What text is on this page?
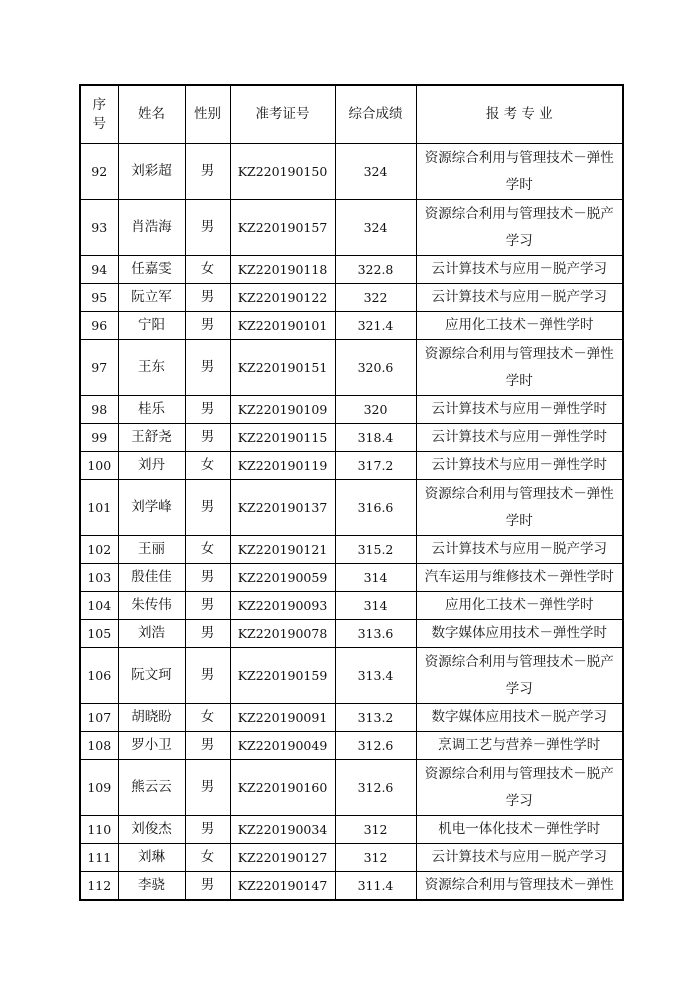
序
号	姓名	性别	准考证号	综合成绩	报 考 专 业
92	刘彩超	男	KZ220190150	324	资源综合利用与管理技术－弹性学时
93	肖浩海	男	KZ220190157	324	资源综合利用与管理技术－脱产学习
94	任嘉雯	女	KZ220190118	322.8	云计算技术与应用－脱产学习
95	阮立军	男	KZ220190122	322	云计算技术与应用－脱产学习
96	宁阳	男	KZ220190101	321.4	应用化工技术－弹性学时
97	王东	男	KZ220190151	320.6	资源综合利用与管理技术－弹性学时
98	桂乐	男	KZ220190109	320	云计算技术与应用－弹性学时
99	王舒尧	男	KZ220190115	318.4	云计算技术与应用－弹性学时
100	刘丹	女	KZ220190119	317.2	云计算技术与应用－弹性学时
101	刘学峰	男	KZ220190137	316.6	资源综合利用与管理技术－弹性学时
102	王丽	女	KZ220190121	315.2	云计算技术与应用－脱产学习
103	殷佳佳	男	KZ220190059	314	汽车运用与维修技术－弹性学时
104	朱传伟	男	KZ220190093	314	应用化工技术－弹性学时
105	刘浩	男	KZ220190078	313.6	数字媒体应用技术－弹性学时
106	阮文珂	男	KZ220190159	313.4	资源综合利用与管理技术－脱产学习
107	胡晓盼	女	KZ220190091	313.2	数字媒体应用技术－脱产学习
108	罗小卫	男	KZ220190049	312.6	烹调工艺与营养－弹性学时
109	熊云云	男	KZ220190160	312.6	资源综合利用与管理技术－脱产学习
110	刘俊杰	男	KZ220190034	312	机电一体化技术－弹性学时
111	刘琳	女	KZ220190127	312	云计算技术与应用－脱产学习
112	李骁	男	KZ220190147	311.4	资源综合利用与管理技术－弹性
